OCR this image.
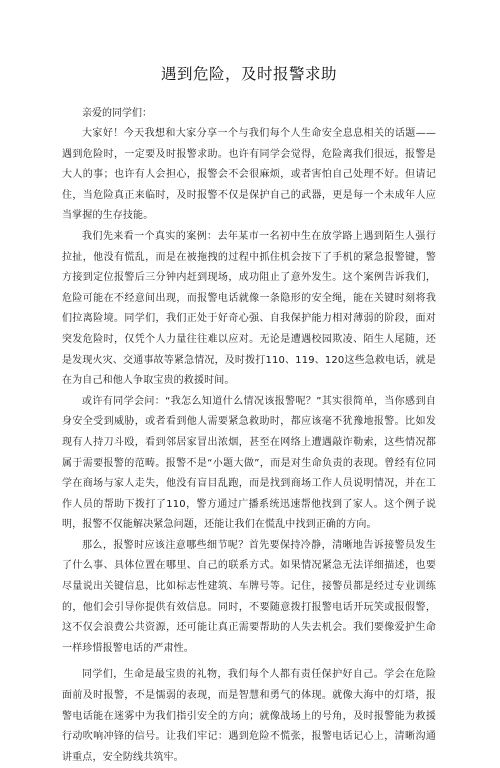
遇到危险，及时报警求助

亲爱的同学们：

大家好！今天我想和大家分享一个与我们每个人生命安全息息相关的话题——遇到危险时，一定要及时报警求助。也许有同学会觉得，危险离我们很远，报警是大人的事；也许有人会担心，报警会不会很麻烦，或者害怕自己处理不好。但请记住，当危险真正来临时，及时报警不仅是保护自己的武器，更是每一个未成年人应当掌握的生存技能。

我们先来看一个真实的案例：去年某市一名初中生在放学路上遇到陌生人强行拉扯，他没有慌乱，而是在被拖拽的过程中抓住机会按下了手机的紧急报警键，警方接到定位报警后三分钟内赶到现场，成功阻止了意外发生。这个案例告诉我们，危险可能在不经意间出现，而报警电话就像一条隐形的安全绳，能在关键时刻将我们拉离险境。同学们，我们正处于好奇心强、自我保护能力相对薄弱的阶段，面对突发危险时，仅凭个人力量往往难以应对。无论是遭遇校园欺凌、陌生人尾随，还是发现火灾、交通事故等紧急情况，及时拨打110、119、120这些急救电话，就是在为自己和他人争取宝贵的救援时间。

或许有同学会问：“我怎么知道什么情况该报警呢？”其实很简单，当你感到自身安全受到威胁，或者看到他人需要紧急救助时，都应该毫不犹豫地报警。比如发现有人持刀斗殴，看到邻居家冒出浓烟，甚至在网络上遭遇敲诈勒索，这些情况都属于需要报警的范畴。报警不是“小题大做”，而是对生命负责的表现。曾经有位同学在商场与家人走失，他没有盲目乱跑，而是找到商场工作人员说明情况，并在工作人员的帮助下拨打了110，警方通过广播系统迅速帮他找到了家人。这个例子说明，报警不仅能解决紧急问题，还能让我们在慌乱中找到正确的方向。

那么，报警时应该注意哪些细节呢？首先要保持冷静，清晰地告诉接警员发生了什么事、具体位置在哪里、自己的联系方式。如果情况紧急无法详细描述，也要尽量说出关键信息，比如标志性建筑、车牌号等。记住，接警员都是经过专业训练的，他们会引导你提供有效信息。同时，不要随意拨打报警电话开玩笑或报假警，这不仅会浪费公共资源，还可能让真正需要帮助的人失去机会。我们要像爱护生命一样珍惜报警电话的严肃性。

同学们，生命是最宝贵的礼物，我们每个人都有责任保护好自己。学会在危险面前及时报警，不是懦弱的表现，而是智慧和勇气的体现。就像大海中的灯塔，报警电话能在迷雾中为我们指引安全的方向；就像战场上的号角，及时报警能为救援行动吹响冲锋的信号。让我们牢记：遇到危险不慌张，报警电话记心上，清晰沟通讲重点，安全防线共筑牢。
